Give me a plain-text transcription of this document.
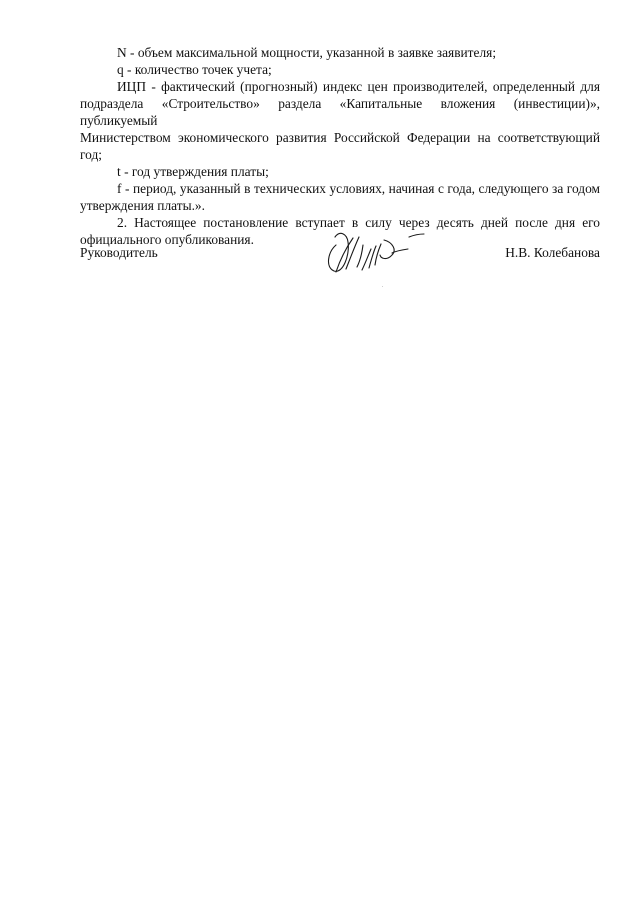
N - объем максимальной мощности, указанной в заявке заявителя;
q - количество точек учета;
ИЦП - фактический (прогнозный) индекс цен производителей, определенный для
подраздела «Строительство» раздела «Капитальные вложения (инвестиции)», публикуемый
Министерством экономического развития Российской Федерации на соответствующий год;
t - год утверждения платы;
f - период, указанный в технических условиях, начиная с года, следующего за годом
утверждения платы.».
2. Настоящее постановление вступает в силу через десять дней после дня его
официального опубликования.
Руководитель	Н.В. Колебанова
